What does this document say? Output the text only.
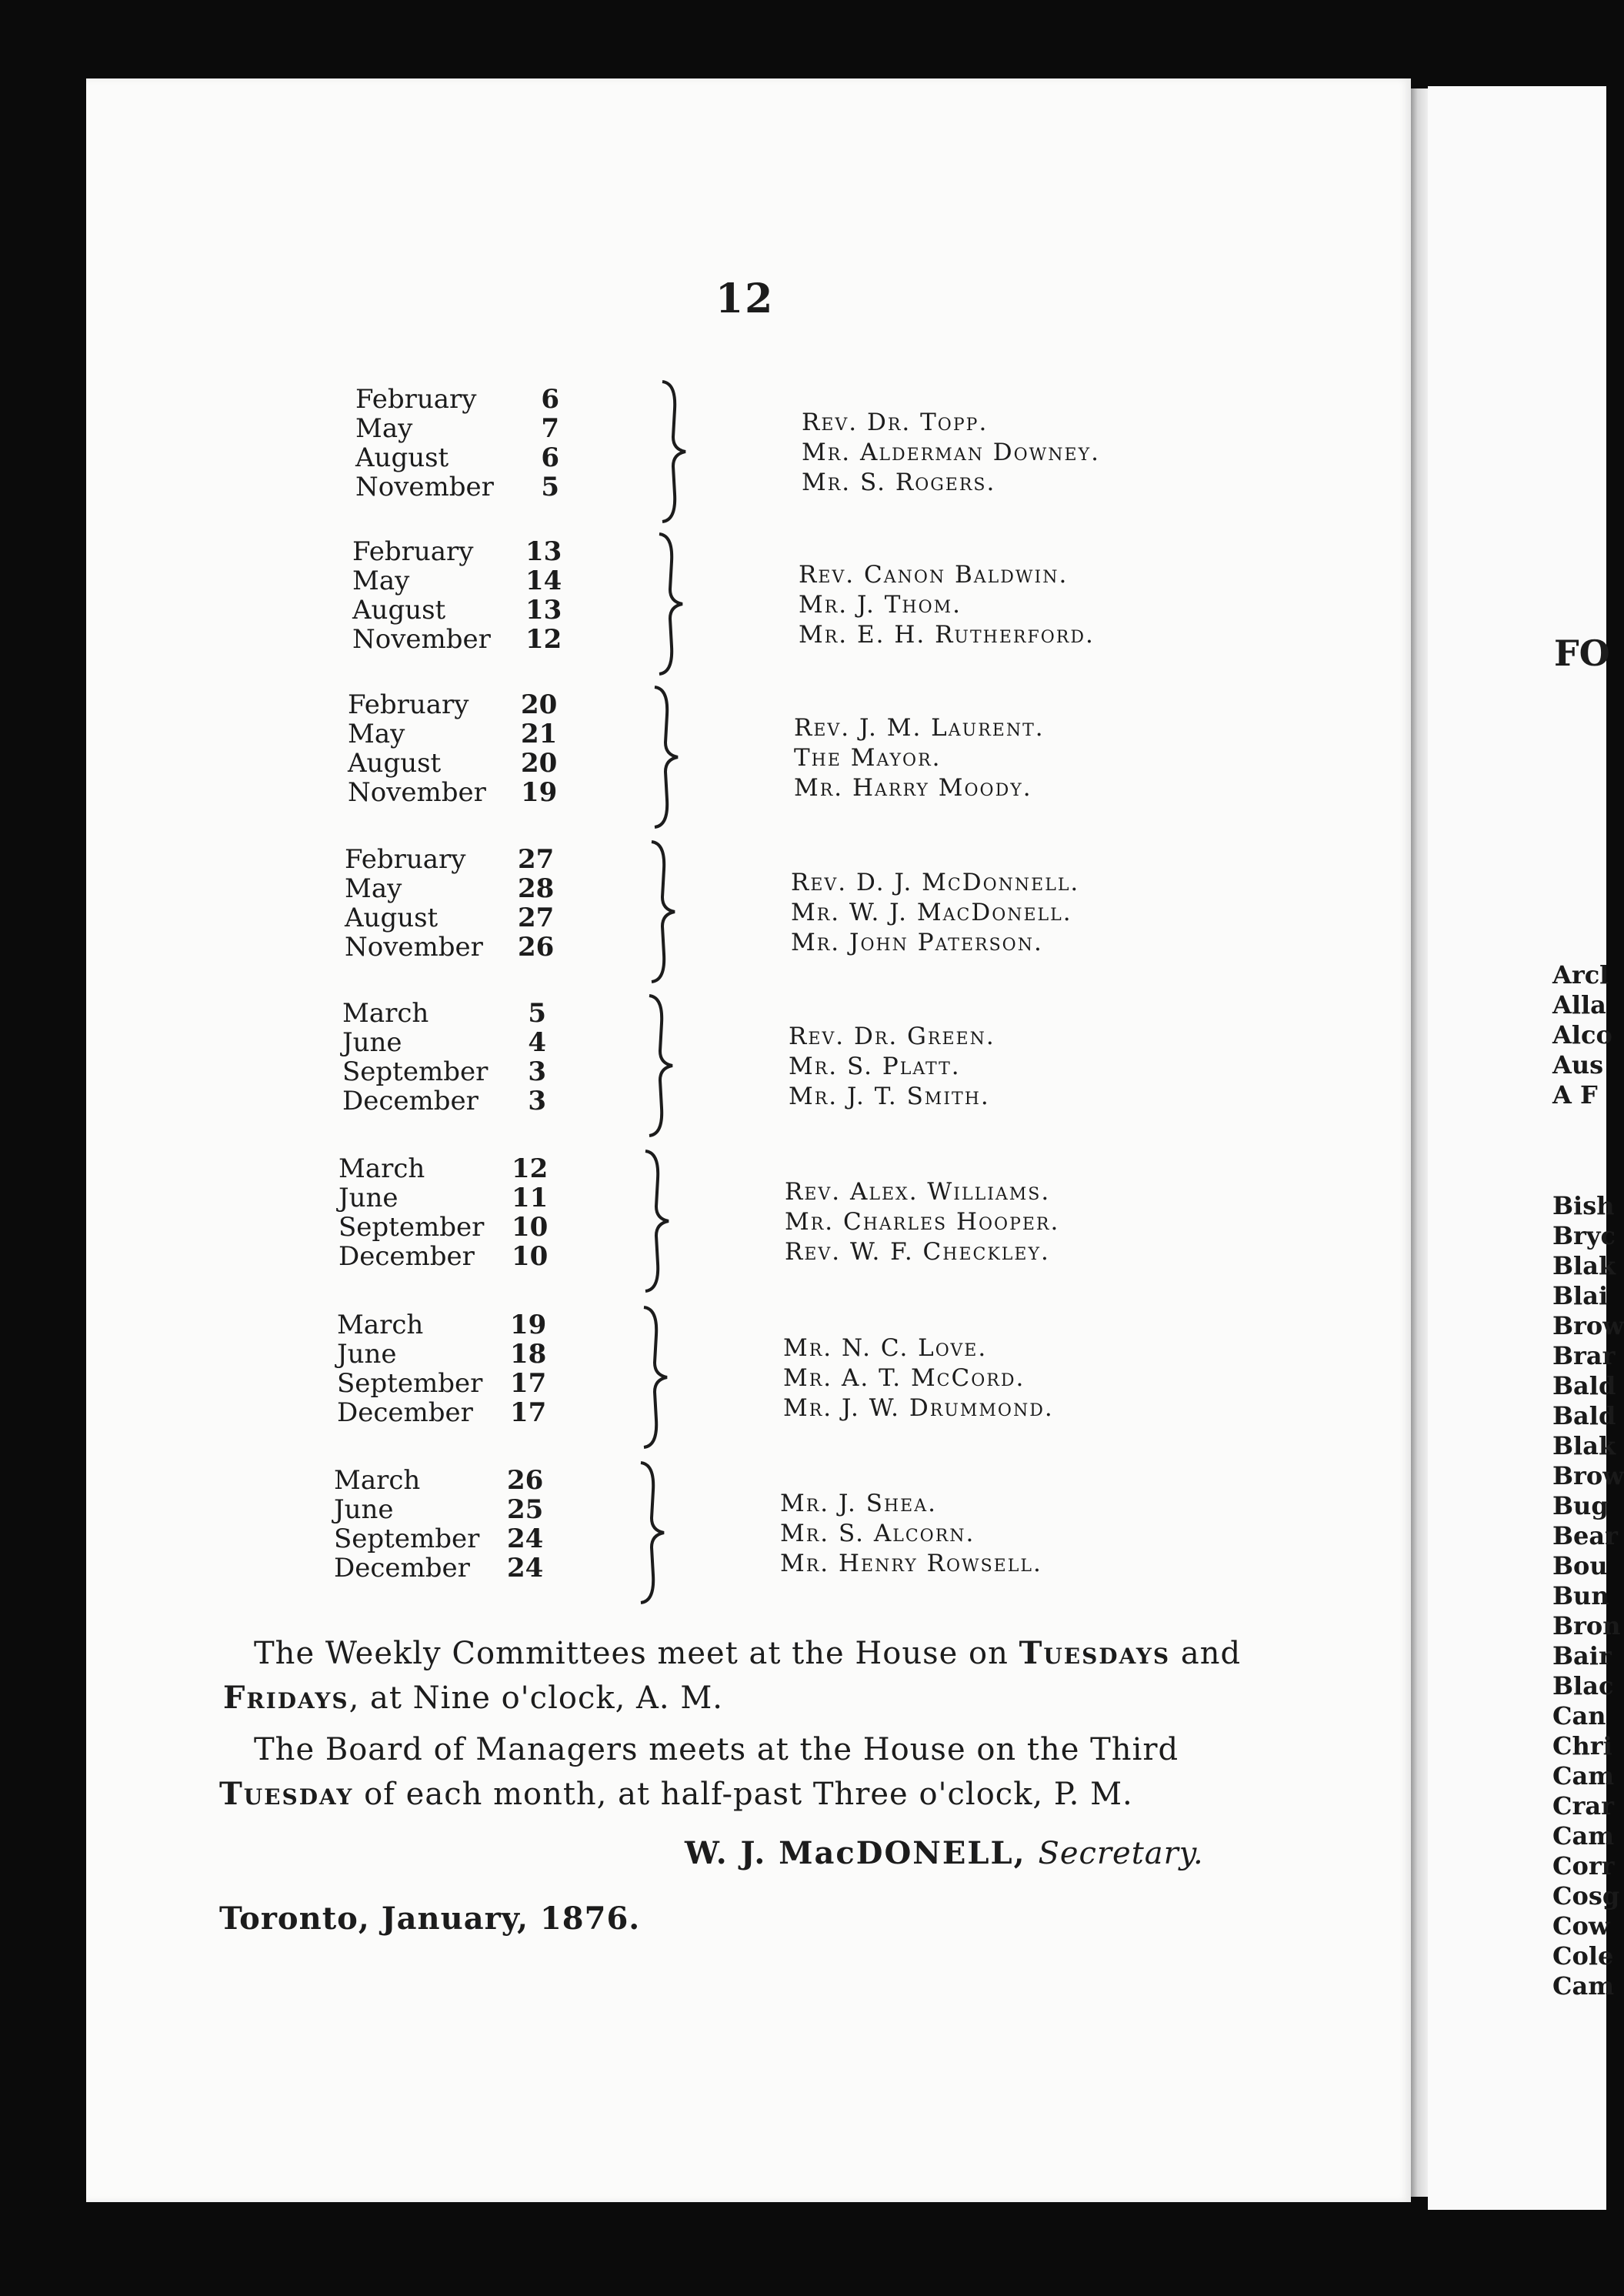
12
February	6
May	7
August	6
November	5
Rev. Dr. Topp.
Mr. Alderman Downey.
Mr. S. Rogers.
February	13
May	14
August	13
November	12
Rev. Canon Baldwin.
Mr. J. Thom.
Mr. E. H. Rutherford.
February	20
May	21
August	20
November	19
Rev. J. M. Laurent.
The Mayor.
Mr. Harry Moody.
February	27
May	28
August	27
November	26
Rev. D. J. McDonnell.
Mr. W. J. MacDonell.
Mr. John Paterson.
March	5
June	4
September	3
December	3
Rev. Dr. Green.
Mr. S. Platt.
Mr. J. T. Smith.
March	12
June	11
September	10
December	10
Rev. Alex. Williams.
Mr. Charles Hooper.
Rev. W. F. Checkley.
March	19
June	18
September	17
December	17
Mr. N. C. Love.
Mr. A. T. McCord.
Mr. J. W. Drummond.
March	26
June	25
September	24
December	24
Mr. J. Shea.
Mr. S. Alcorn.
Mr. Henry Rowsell.
The Weekly Committees meet at the House on Tuesdays and
Fridays, at Nine o'clock, A. M.
The Board of Managers meets at the House on the Third
Tuesday of each month, at half-past Three o'clock, P. M.
W. J. MacDONELL, Secretary.
Toronto, January, 1876.
FO
Arcl
Alla
Alco
Aus
A F
Bish
Bryc
Blak
Blai
Brow
Brar
Bald
Bald
Blak
Brow
Bug
Bear
Bou
Bun
Bron
Bair
Blac
Can
Chri
Cam
Crar
Cam
Corr
Cosg
Cow
Cole
Cam
